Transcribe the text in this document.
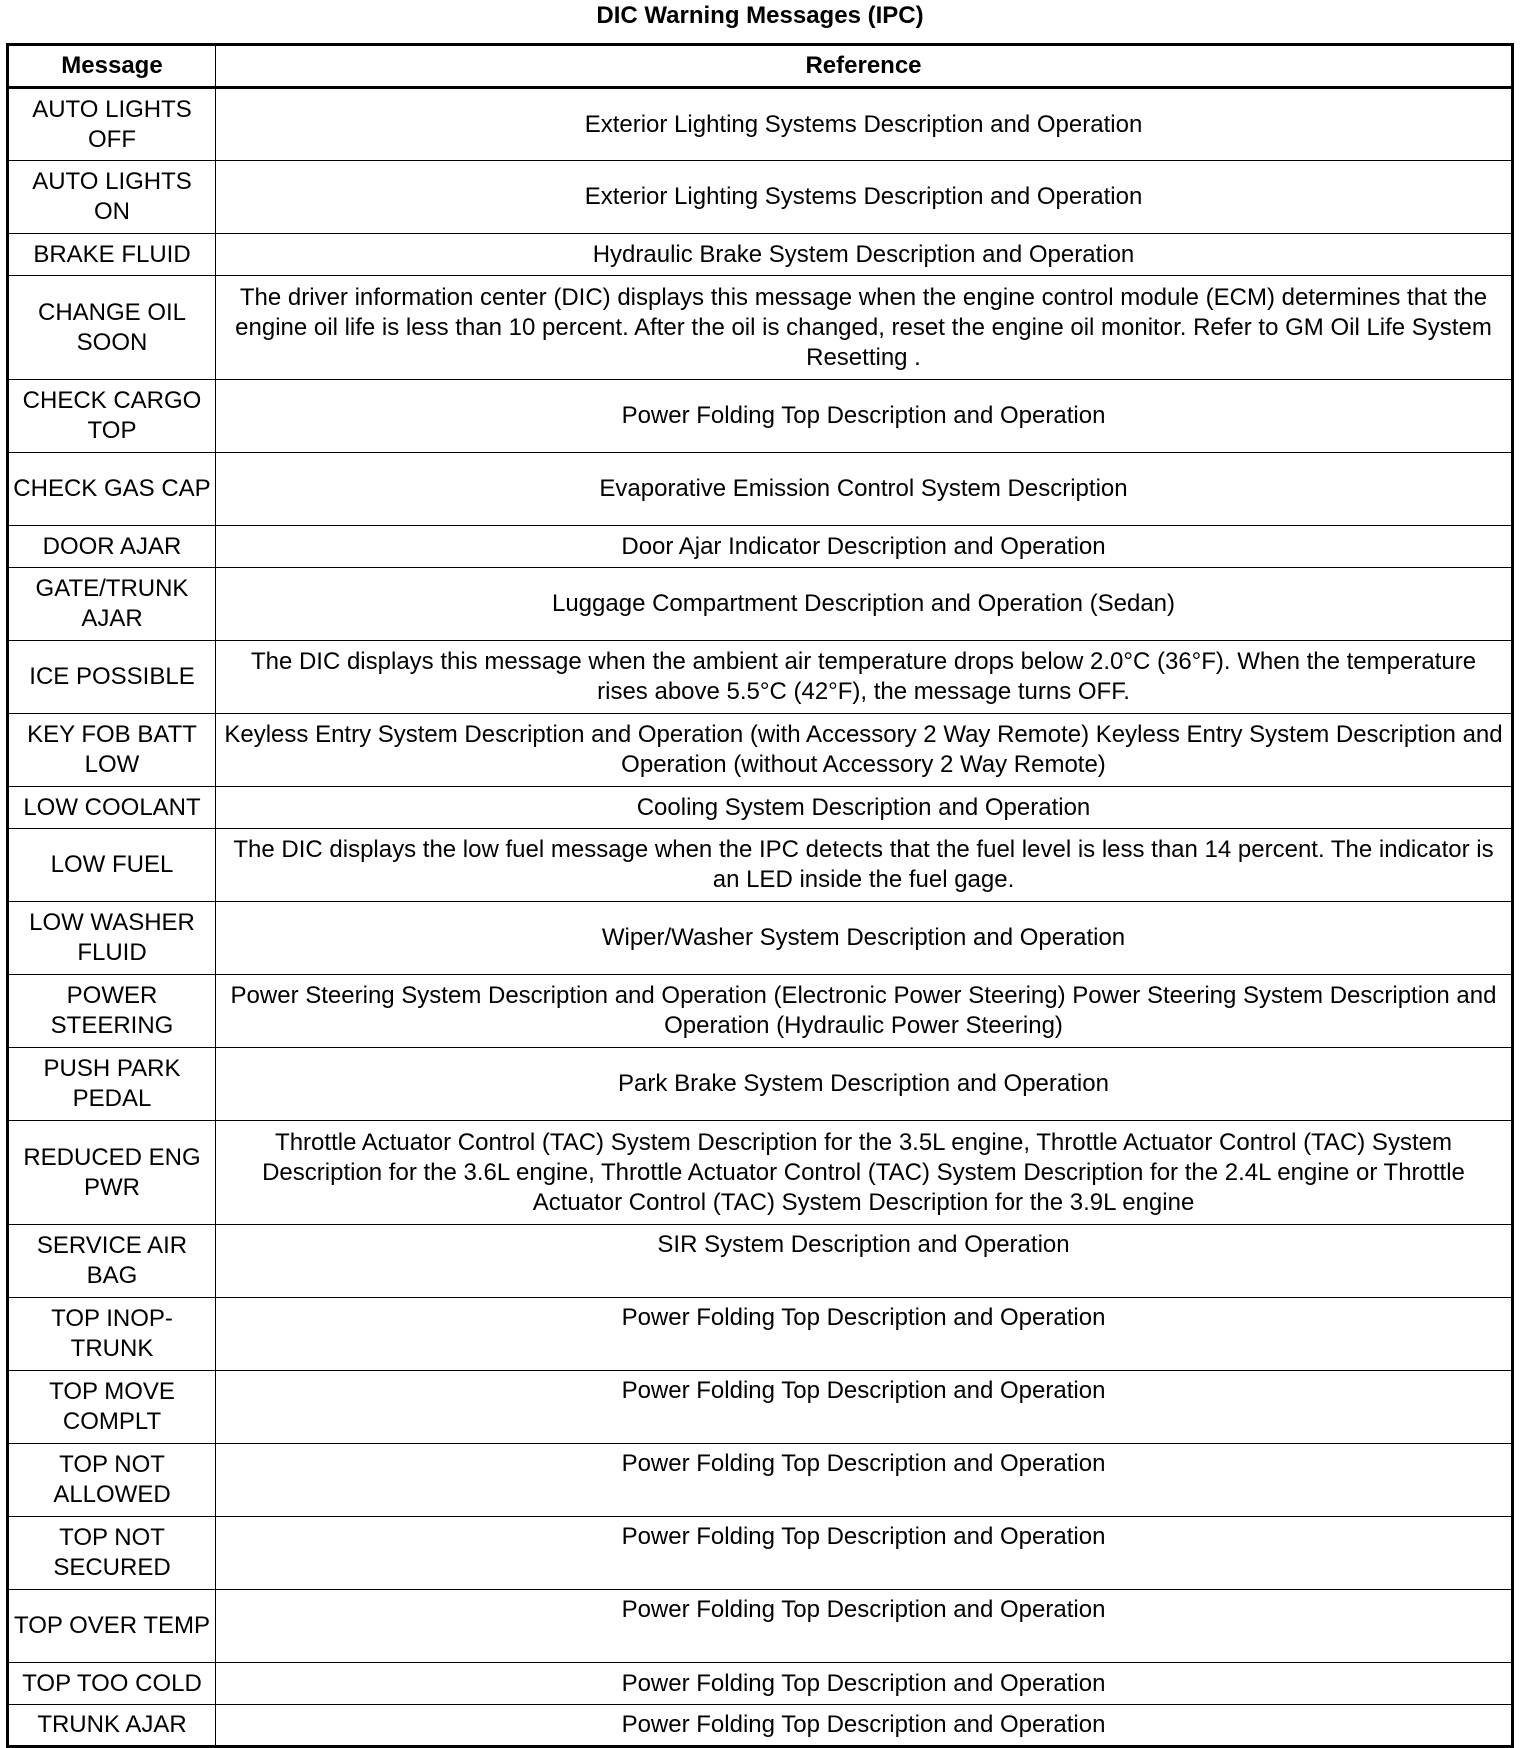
DIC Warning Messages (IPC)
Message	Reference
AUTO LIGHTS OFF	Exterior Lighting Systems Description and Operation
AUTO LIGHTS ON	Exterior Lighting Systems Description and Operation
BRAKE FLUID	Hydraulic Brake System Description and Operation
CHANGE OIL SOON	The driver information center (DIC) displays this message when the engine control module (ECM) determines that the engine oil life is less than 10 percent. After the oil is changed, reset the engine oil monitor. Refer to GM Oil Life System Resetting .
CHECK CARGO TOP	Power Folding Top Description and Operation
CHECK GAS CAP	Evaporative Emission Control System Description
DOOR AJAR	Door Ajar Indicator Description and Operation
GATE/TRUNK AJAR	Luggage Compartment Description and Operation (Sedan)
ICE POSSIBLE	The DIC displays this message when the ambient air temperature drops below 2.0°C (36°F). When the temperature rises above 5.5°C (42°F), the message turns OFF.
KEY FOB BATT LOW	Keyless Entry System Description and Operation (with Accessory 2 Way Remote) Keyless Entry System Description and Operation (without Accessory 2 Way Remote)
LOW COOLANT	Cooling System Description and Operation
LOW FUEL	The DIC displays the low fuel message when the IPC detects that the fuel level is less than 14 percent. The indicator is an LED inside the fuel gage.
LOW WASHER FLUID	Wiper/Washer System Description and Operation
POWER STEERING	Power Steering System Description and Operation (Electronic Power Steering) Power Steering System Description and Operation (Hydraulic Power Steering)
PUSH PARK PEDAL	Park Brake System Description and Operation
REDUCED ENG PWR	Throttle Actuator Control (TAC) System Description for the 3.5L engine, Throttle Actuator Control (TAC) System Description for the 3.6L engine, Throttle Actuator Control (TAC) System Description for the 2.4L engine or Throttle Actuator Control (TAC) System Description for the 3.9L engine
SERVICE AIR BAG	SIR System Description and Operation
TOP INOP-TRUNK	Power Folding Top Description and Operation
TOP MOVE COMPLT	Power Folding Top Description and Operation
TOP NOT ALLOWED	Power Folding Top Description and Operation
TOP NOT SECURED	Power Folding Top Description and Operation
TOP OVER TEMP	Power Folding Top Description and Operation
TOP TOO COLD	Power Folding Top Description and Operation
TRUNK AJAR	Power Folding Top Description and Operation
